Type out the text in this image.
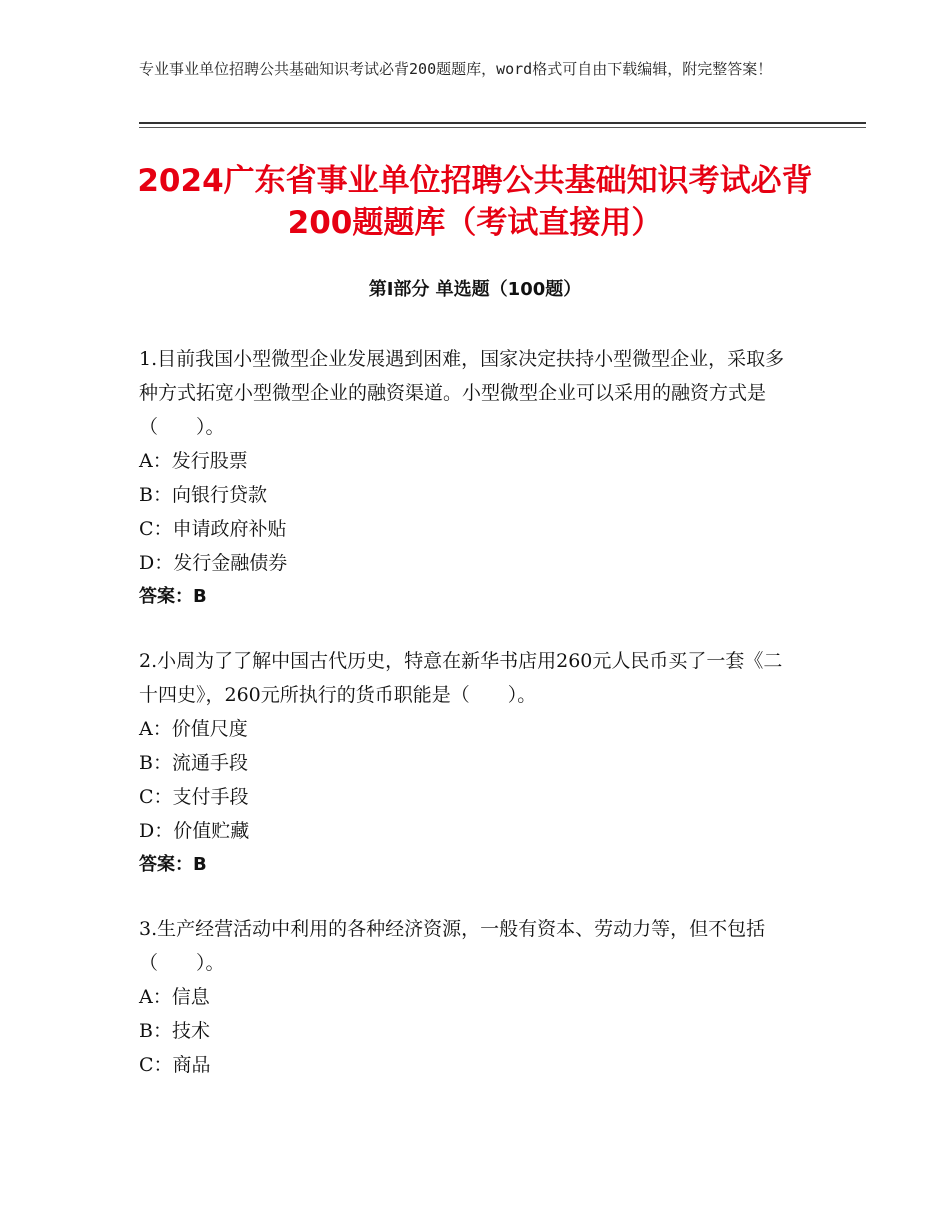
专业事业单位招聘公共基础知识考试必背200题题库，word格式可自由下载编辑，附完整答案！
2024广东省事业单位招聘公共基础知识考试必背200题题库（考试直接用）
第Ⅰ部分 单选题（100题）

1.目前我国小型微型企业发展遇到困难，国家决定扶持小型微型企业，采取多种方式拓宽小型微型企业的融资渠道。小型微型企业可以采用的融资方式是（　　）。

A：发行股票

B：向银行贷款

C：申请政府补贴

D：发行金融债券

答案：B

2.小周为了了解中国古代历史，特意在新华书店用260元人民币买了一套《二十四史》，260元所执行的货币职能是（　　）。

A：价值尺度

B：流通手段

C：支付手段

D：价值贮藏

答案：B

3.生产经营活动中利用的各种经济资源，一般有资本、劳动力等，但不包括（　　）。

A：信息

B：技术

C：商品
